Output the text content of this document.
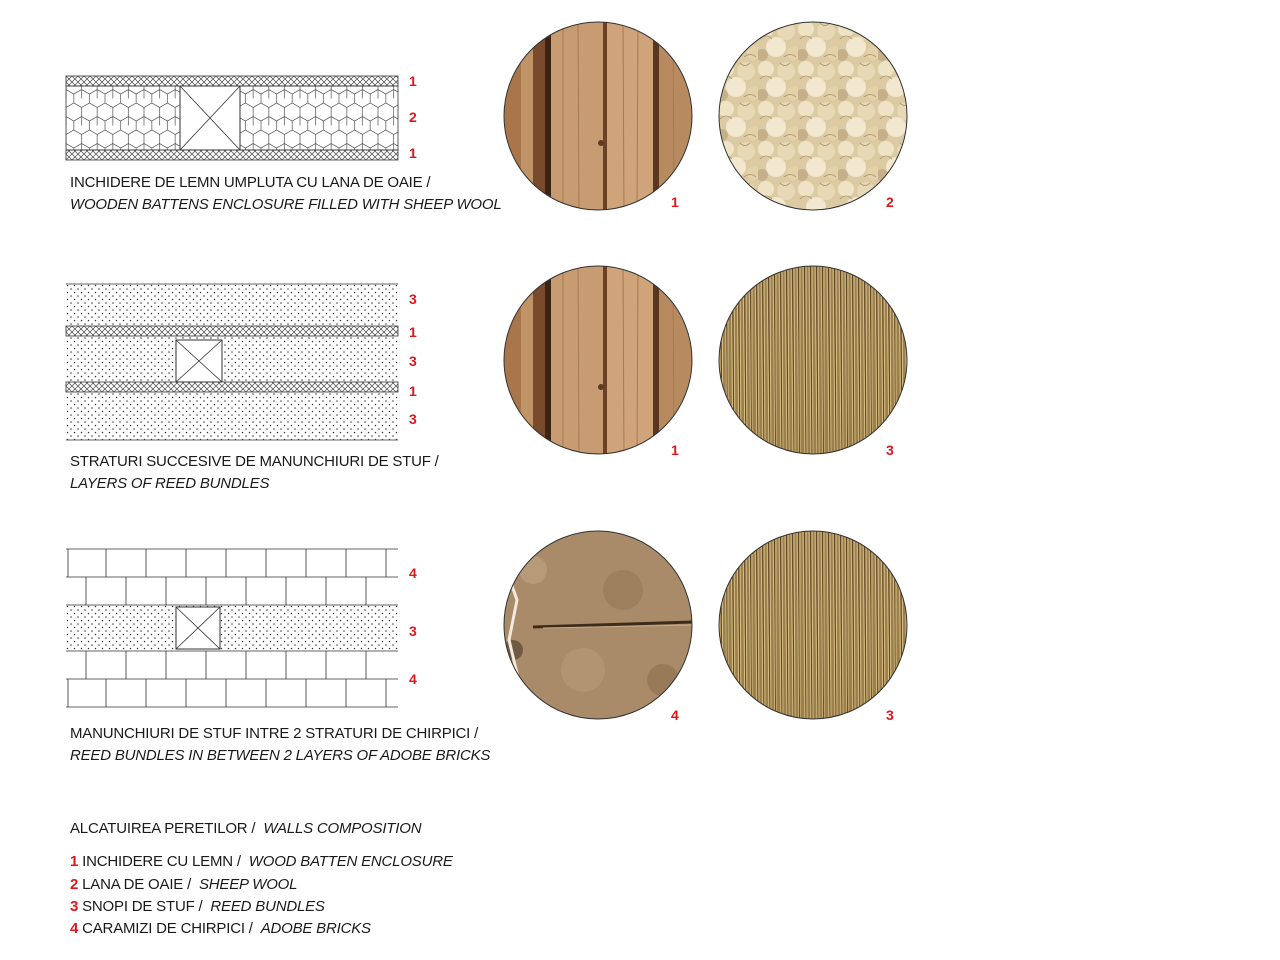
1
2
1
INCHIDERE DE LEMN UMPLUTA CU LANA DE OAIE /
WOODEN BATTENS ENCLOSURE FILLED WITH SHEEP WOOL	1	2
3
1
3
1
3
STRATURI SUCCESIVE DE MANUNCHIURI DE STUF /
LAYERS OF REED BUNDLES
1	3
4
3
4
MANUNCHIURI DE STUF INTRE 2 STRATURI DE CHIRPICI /
REED BUNDLES IN BETWEEN 2 LAYERS OF ADOBE BRICKS
4	3
ALCATUIREA PERETILOR / WALLS COMPOSITION
1 INCHIDERE CU LEMN / WOOD BATTEN ENCLOSURE
2 LANA DE OAIE / SHEEP WOOL
3 SNOPI DE STUF / REED BUNDLES
4 CARAMIZI DE CHIRPICI / ADOBE BRICKS
